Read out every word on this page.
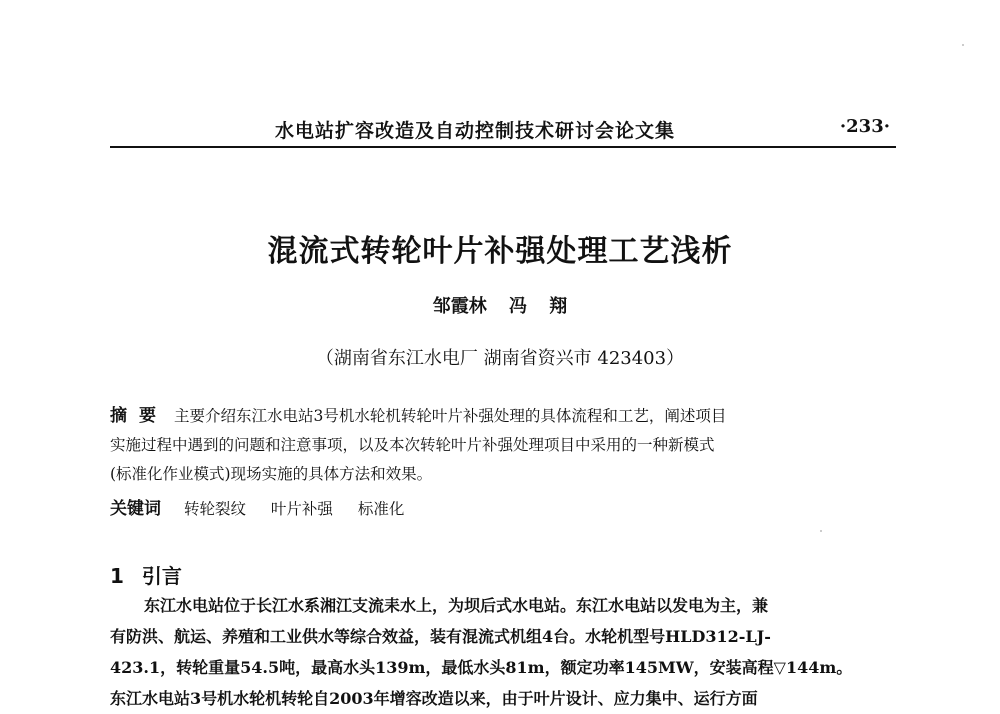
水电站扩容改造及自动控制技术研讨会论文集	·233·
混流式转轮叶片补强处理工艺浅析
邹霞林 冯 翔
（湖南省东江水电厂 湖南省资兴市 423403）
摘要 主要介绍东江水电站3号机水轮机转轮叶片补强处理的具体流程和工艺，阐述项目
实施过程中遇到的问题和注意事项，以及本次转轮叶片补强处理项目中采用的一种新模式
(标准化作业模式)现场实施的具体方法和效果。
关键词 转轮裂纹 叶片补强 标准化
1 引言
东江水电站位于长江水系湘江支流耒水上，为坝后式水电站。东江水电站以发电为主，兼
有防洪、航运、养殖和工业供水等综合效益，装有混流式机组4台。水轮机型号HLD312-LJ-
423.1，转轮重量54.5吨，最高水头139m，最低水头81m，额定功率145MW，安装高程▽144m。
东江水电站3号机水轮机转轮自2003年增容改造以来，由于叶片设计、应力集中、运行方面
